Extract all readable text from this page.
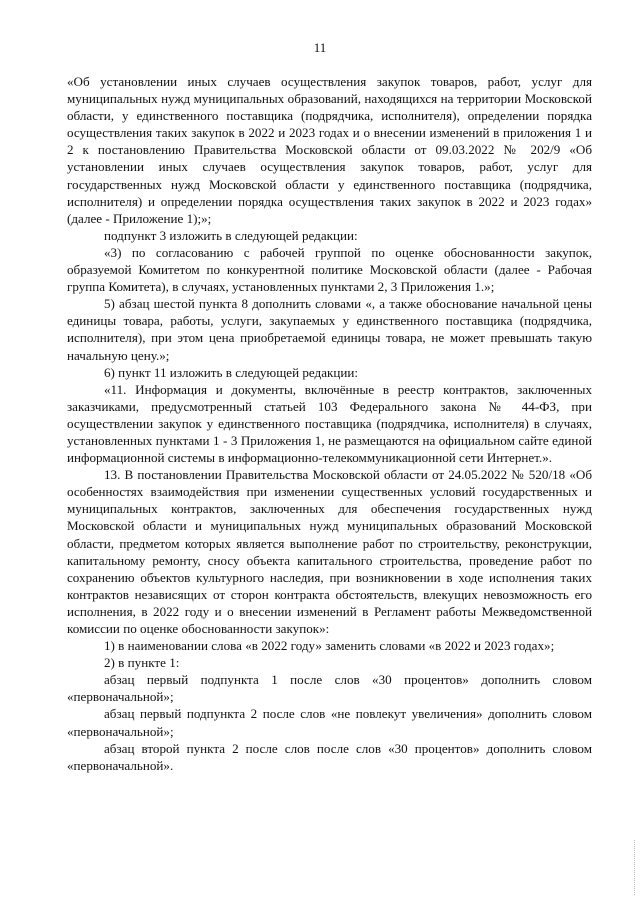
11

«Об установлении иных случаев осуществления закупок товаров, работ, услуг для муниципальных нужд муниципальных образований, находящихся на территории Московской области, у единственного поставщика (подрядчика, исполнителя), определении порядка осуществления таких закупок в 2022 и 2023 годах и о внесении изменений в приложения 1 и 2 к постановлению Правительства Московской области от 09.03.2022 № 202/9 «Об установлении иных случаев осуществления закупок товаров, работ, услуг для государственных нужд Московской области у единственного поставщика (подрядчика, исполнителя) и определении порядка осуществления таких закупок в 2022 и 2023 годах» (далее - Приложение 1);»;

подпункт 3 изложить в следующей редакции:

«3) по согласованию с рабочей группой по оценке обоснованности закупок, образуемой Комитетом по конкурентной политике Московской области (далее - Рабочая группа Комитета), в случаях, установленных пунктами 2, 3 Приложения 1.»;

5) абзац шестой пункта 8 дополнить словами «, а также обоснование начальной цены единицы товара, работы, услуги, закупаемых у единственного поставщика (подрядчика, исполнителя), при этом цена приобретаемой единицы товара, не может превышать такую начальную цену.»;

6) пункт 11 изложить в следующей редакции:

«11. Информация и документы, включённые в реестр контрактов, заключенных заказчиками, предусмотренный статьей 103 Федерального закона № 44-ФЗ, при осуществлении закупок у единственного поставщика (подрядчика, исполнителя) в случаях, установленных пунктами 1 - 3 Приложения 1, не размещаются на официальном сайте единой информационной системы в информационно-телекоммуникационной сети Интернет.».

13. В постановлении Правительства Московской области от 24.05.2022 № 520/18 «Об особенностях взаимодействия при изменении существенных условий государственных и муниципальных контрактов, заключенных для обеспечения государственных нужд Московской области и муниципальных нужд муниципальных образований Московской области, предметом которых является выполнение работ по строительству, реконструкции, капитальному ремонту, сносу объекта капитального строительства, проведение работ по сохранению объектов культурного наследия, при возникновении в ходе исполнения таких контрактов независящих от сторон контракта обстоятельств, влекущих невозможность его исполнения, в 2022 году и о внесении изменений в Регламент работы Межведомственной комиссии по оценке обоснованности закупок»:

1) в наименовании слова «в 2022 году» заменить словами «в 2022 и 2023 годах»;

2) в пункте 1:

абзац первый подпункта 1 после слов «30 процентов» дополнить словом «первоначальной»;

абзац первый подпункта 2 после слов «не повлекут увеличения» дополнить словом «первоначальной»;

абзац второй пункта 2 после слов после слов «30 процентов» дополнить словом «первоначальной».
